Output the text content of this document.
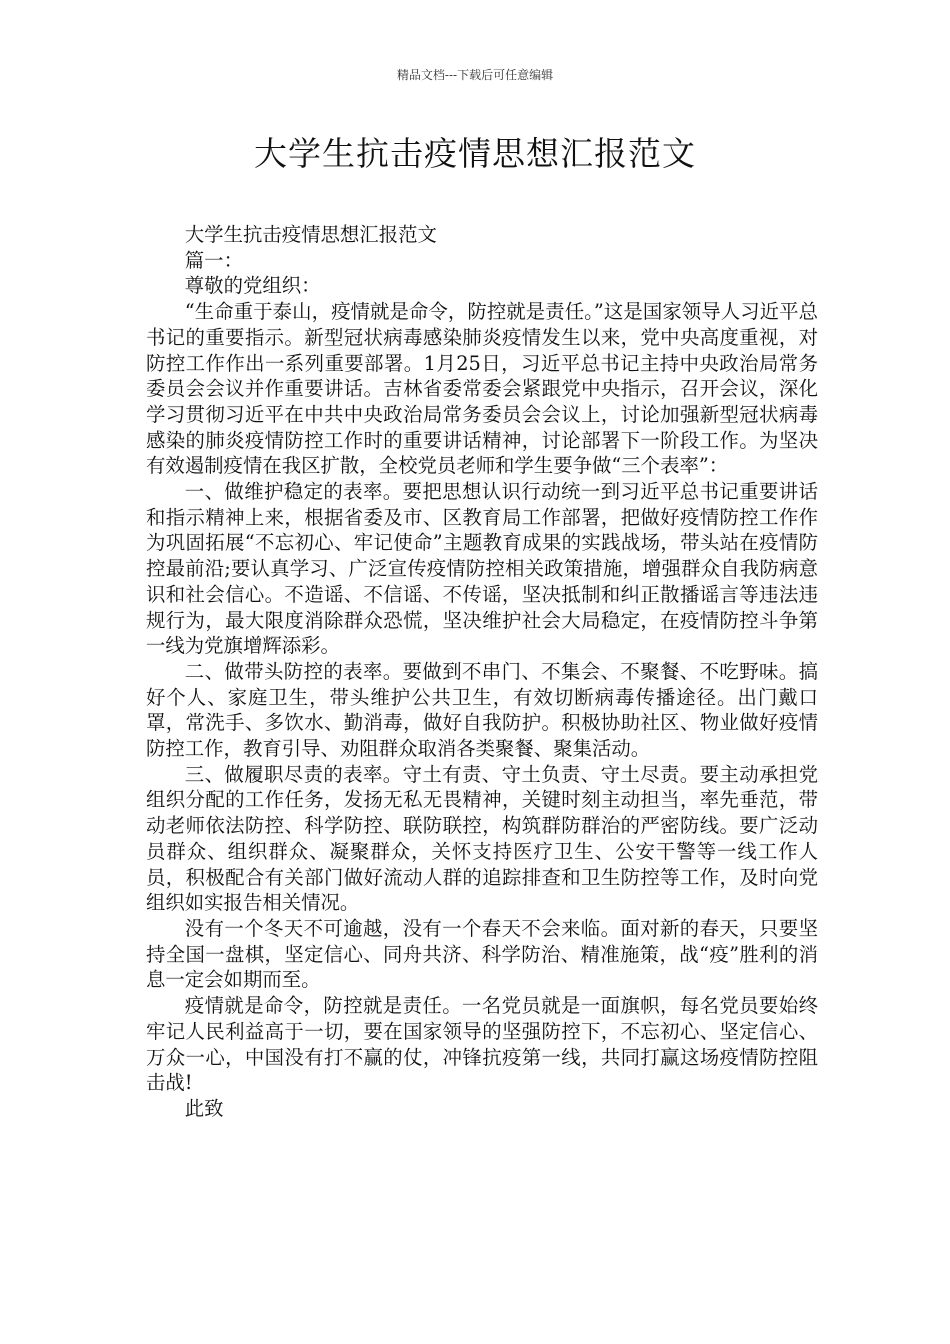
精品文档---下载后可任意编辑
大学生抗击疫情思想汇报范文

大学生抗击疫情思想汇报范文

篇一：

尊敬的党组织：

“生命重于泰山，疫情就是命令，防控就是责任。”这是国家领导人习近平总书记的重要指示。新型冠状病毒感染肺炎疫情发生以来，党中央高度重视，对防控工作作出一系列重要部署。1月25日，习近平总书记主持中央政治局常务委员会会议并作重要讲话。吉林省委常委会紧跟党中央指示，召开会议，深化学习贯彻习近平在中共中央政治局常务委员会会议上，讨论加强新型冠状病毒感染的肺炎疫情防控工作时的重要讲话精神，讨论部署下一阶段工作。为坚决有效遏制疫情在我区扩散，全校党员老师和学生要争做“三个表率”：

一、做维护稳定的表率。要把思想认识行动统一到习近平总书记重要讲话和指示精神上来，根据省委及市、区教育局工作部署，把做好疫情防控工作作为巩固拓展“不忘初心、牢记使命”主题教育成果的实践战场，带头站在疫情防控最前沿;要认真学习、广泛宣传疫情防控相关政策措施，增强群众自我防病意识和社会信心。不造谣、不信谣、不传谣，坚决抵制和纠正散播谣言等违法违规行为，最大限度消除群众恐慌，坚决维护社会大局稳定，在疫情防控斗争第一线为党旗增辉添彩。

二、做带头防控的表率。要做到不串门、不集会、不聚餐、不吃野味。搞好个人、家庭卫生，带头维护公共卫生，有效切断病毒传播途径。出门戴口罩，常洗手、多饮水、勤消毒，做好自我防护。积极协助社区、物业做好疫情防控工作，教育引导、劝阻群众取消各类聚餐、聚集活动。

三、做履职尽责的表率。守土有责、守土负责、守土尽责。要主动承担党组织分配的工作任务，发扬无私无畏精神，关键时刻主动担当，率先垂范，带动老师依法防控、科学防控、联防联控，构筑群防群治的严密防线。要广泛动员群众、组织群众、凝聚群众，关怀支持医疗卫生、公安干警等一线工作人员，积极配合有关部门做好流动人群的追踪排查和卫生防控等工作，及时向党组织如实报告相关情况。

没有一个冬天不可逾越，没有一个春天不会来临。面对新的春天，只要坚持全国一盘棋，坚定信心、同舟共济、科学防治、精准施策，战“疫”胜利的消息一定会如期而至。

疫情就是命令，防控就是责任。一名党员就是一面旗帜，每名党员要始终牢记人民利益高于一切，要在国家领导的坚强防控下，不忘初心、坚定信心、万众一心，中国没有打不赢的仗，冲锋抗疫第一线，共同打赢这场疫情防控阻击战!

此致
